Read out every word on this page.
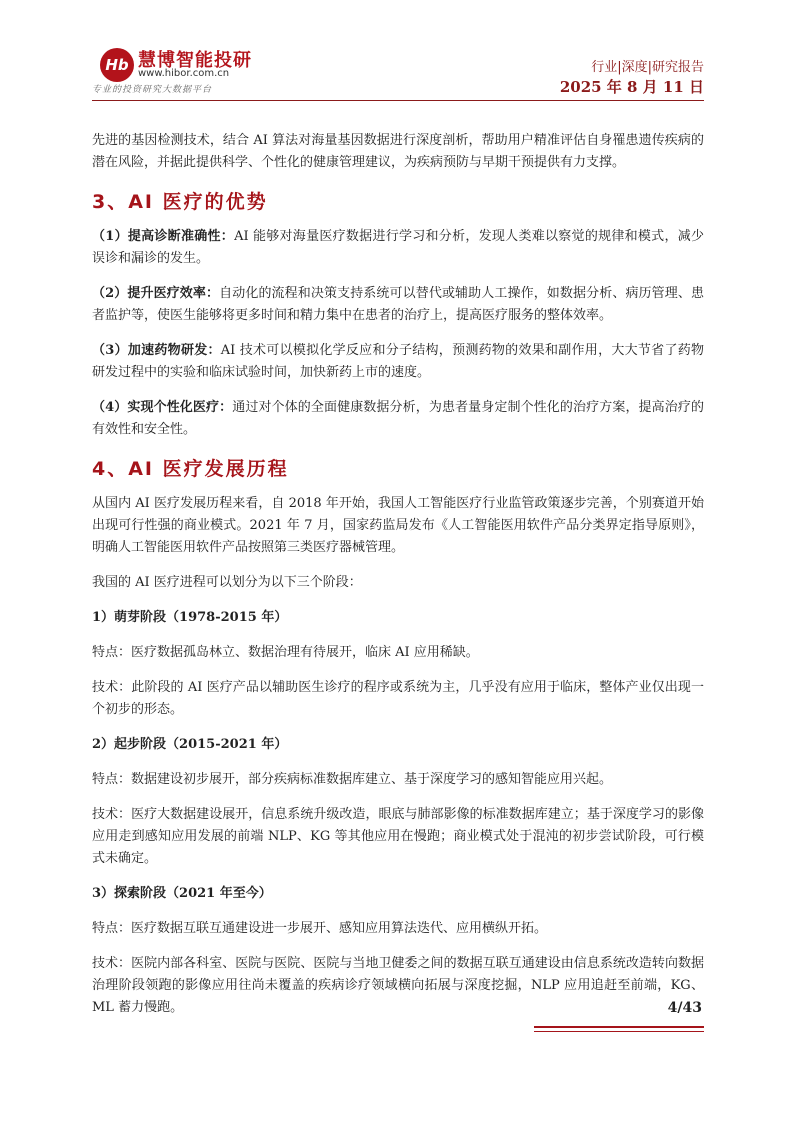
Hb 慧博智能投研
www.hibor.com.cn
专业的投资研究大数据平台
行业|深度|研究报告
2025 年 8 月 11 日

先进的基因检测技术，结合 AI 算法对海量基因数据进行深度剖析，帮助用户精准评估自身罹患遗传疾病的潜在风险，并据此提供科学、个性化的健康管理建议，为疾病预防与早期干预提供有力支撑。

3、AI 医疗的优势

（1）提高诊断准确性：AI 能够对海量医疗数据进行学习和分析，发现人类难以察觉的规律和模式，减少误诊和漏诊的发生。

（2）提升医疗效率：自动化的流程和决策支持系统可以替代或辅助人工操作，如数据分析、病历管理、患者监护等，使医生能够将更多时间和精力集中在患者的治疗上，提高医疗服务的整体效率。

（3）加速药物研发：AI 技术可以模拟化学反应和分子结构，预测药物的效果和副作用，大大节省了药物研发过程中的实验和临床试验时间，加快新药上市的速度。

（4）实现个性化医疗：通过对个体的全面健康数据分析，为患者量身定制个性化的治疗方案，提高治疗的有效性和安全性。

4、AI 医疗发展历程

从国内 AI 医疗发展历程来看，自 2018 年开始，我国人工智能医疗行业监管政策逐步完善，个别赛道开始出现可行性强的商业模式。2021 年 7 月，国家药监局发布《人工智能医用软件产品分类界定指导原则》，明确人工智能医用软件产品按照第三类医疗器械管理。

我国的 AI 医疗进程可以划分为以下三个阶段：

1）萌芽阶段（1978-2015 年）

特点：医疗数据孤岛林立、数据治理有待展开，临床 AI 应用稀缺。

技术：此阶段的 AI 医疗产品以辅助医生诊疗的程序或系统为主，几乎没有应用于临床，整体产业仅出现一个初步的形态。

2）起步阶段（2015-2021 年）

特点：数据建设初步展开，部分疾病标准数据库建立、基于深度学习的感知智能应用兴起。

技术：医疗大数据建设展开，信息系统升级改造，眼底与肺部影像的标准数据库建立；基于深度学习的影像应用走到感知应用发展的前端 NLP、KG 等其他应用在慢跑；商业模式处于混沌的初步尝试阶段，可行模式未确定。

3）探索阶段（2021 年至今）

特点：医疗数据互联互通建设进一步展开、感知应用算法迭代、应用横纵开拓。

技术：医院内部各科室、医院与医院、医院与当地卫健委之间的数据互联互通建设由信息系统改造转向数据治理阶段领跑的影像应用往尚未覆盖的疾病诊疗领域横向拓展与深度挖掘，NLP 应用追赶至前端，KG、ML 蓄力慢跑。	4/43
